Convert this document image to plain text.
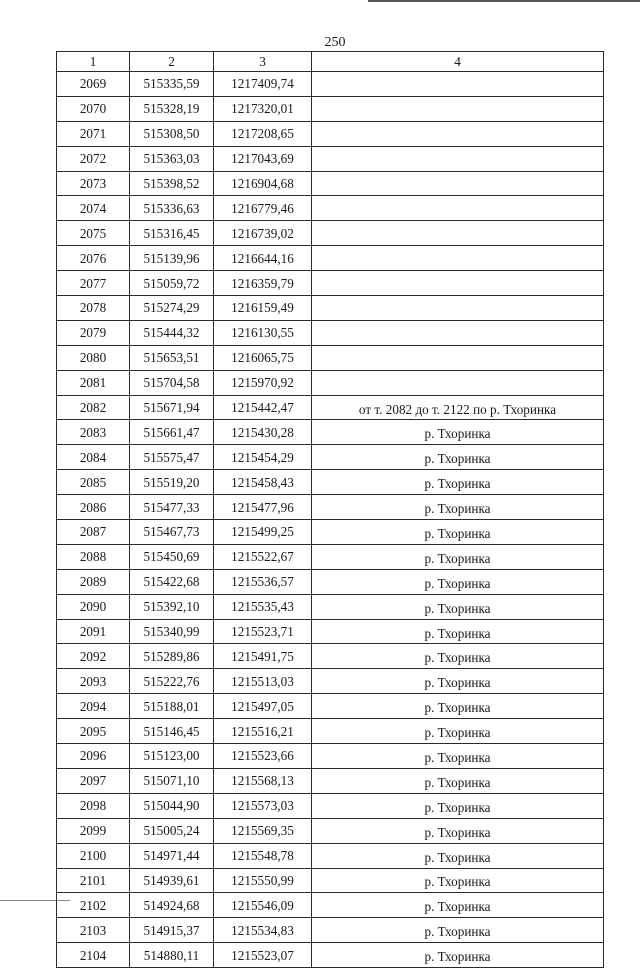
250
1	2	3	4
2069	515335,59	1217409,74	
2070	515328,19	1217320,01	
2071	515308,50	1217208,65	
2072	515363,03	1217043,69	
2073	515398,52	1216904,68	
2074	515336,63	1216779,46	
2075	515316,45	1216739,02	
2076	515139,96	1216644,16	
2077	515059,72	1216359,79	
2078	515274,29	1216159,49	
2079	515444,32	1216130,55	
2080	515653,51	1216065,75	
2081	515704,58	1215970,92	
2082	515671,94	1215442,47	от т. 2082 до т. 2122 по р. Тхоринка
2083	515661,47	1215430,28	р. Тхоринка
2084	515575,47	1215454,29	р. Тхоринка
2085	515519,20	1215458,43	р. Тхоринка
2086	515477,33	1215477,96	р. Тхоринка
2087	515467,73	1215499,25	р. Тхоринка
2088	515450,69	1215522,67	р. Тхоринка
2089	515422,68	1215536,57	р. Тхоринка
2090	515392,10	1215535,43	р. Тхоринка
2091	515340,99	1215523,71	р. Тхоринка
2092	515289,86	1215491,75	р. Тхоринка
2093	515222,76	1215513,03	р. Тхоринка
2094	515188,01	1215497,05	р. Тхоринка
2095	515146,45	1215516,21	р. Тхоринка
2096	515123,00	1215523,66	р. Тхоринка
2097	515071,10	1215568,13	р. Тхоринка
2098	515044,90	1215573,03	р. Тхоринка
2099	515005,24	1215569,35	р. Тхоринка
2100	514971,44	1215548,78	р. Тхоринка
2101	514939,61	1215550,99	р. Тхоринка
2102	514924,68	1215546,09	р. Тхоринка
2103	514915,37	1215534,83	р. Тхоринка
2104	514880,11	1215523,07	р. Тхоринка
